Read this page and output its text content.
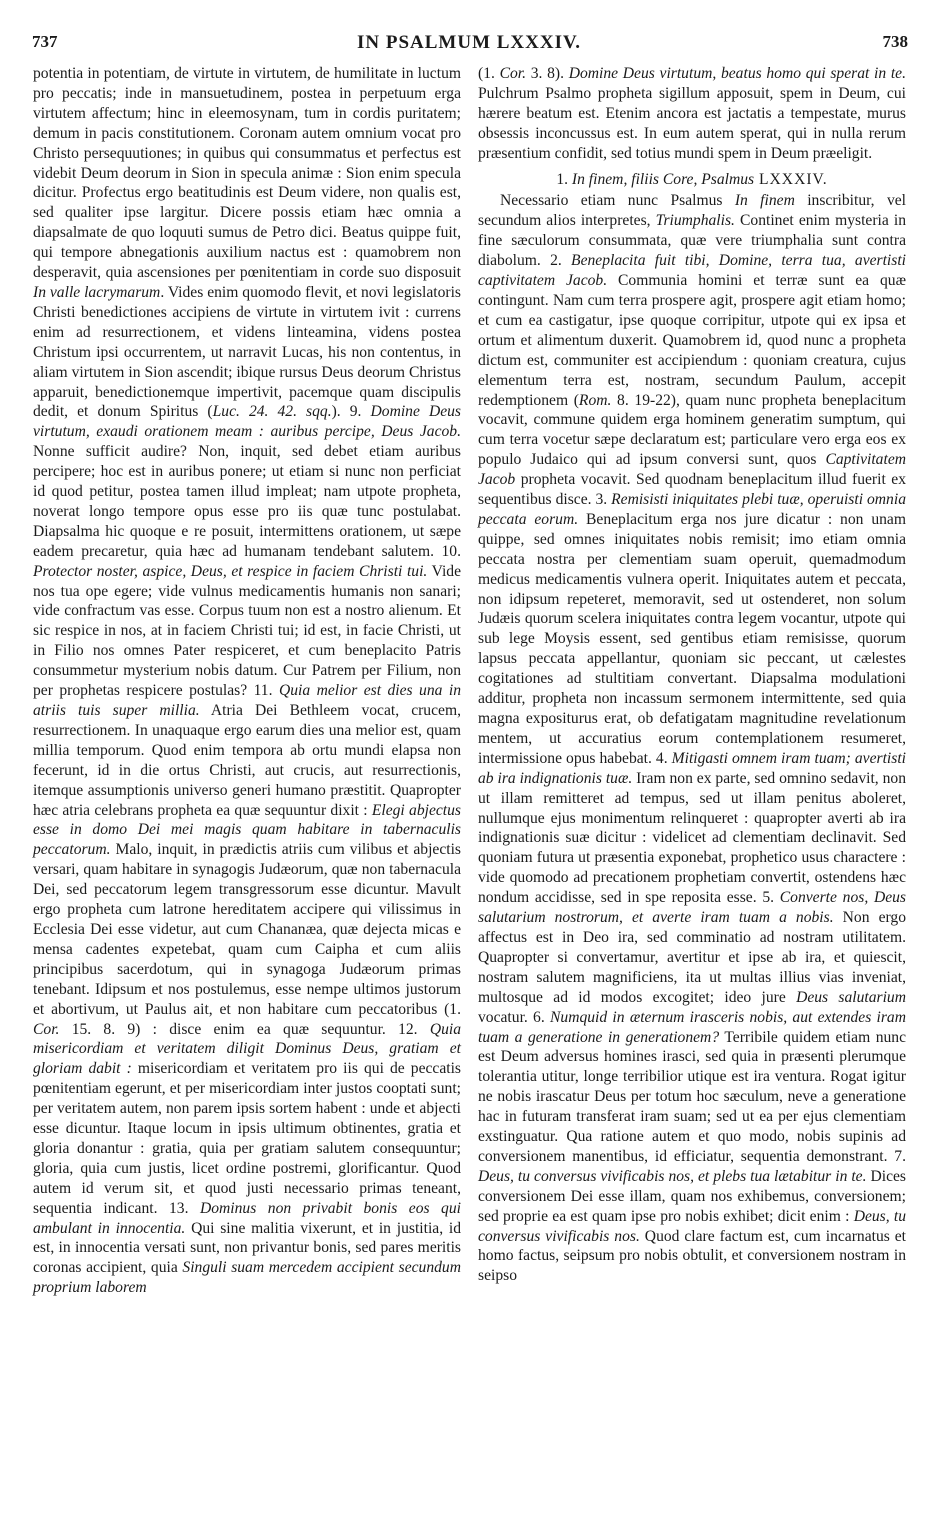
737	IN PSALMUM LXXXIV.	738

potentia in potentiam, de virtute in virtutem, de humilitate in luctum pro peccatis; inde in mansuetudinem, postea in perpetuum erga virtutem affectum; hinc in eleemosynam, tum in cordis puritatem; demum in pacis constitutionem. Coronam autem omnium vocat pro Christo persequutiones; in quibus qui consummatus et perfectus est videbit Deum deorum in Sion in specula animæ : Sion enim specula dicitur. Profectus ergo beatitudinis est Deum videre, non qualis est, sed qualiter ipse largitur. Dicere possis etiam hæc omnia a diapsalmate de quo loquuti sumus de Petro dici. Beatus quippe fuit, qui tempore abnegationis auxilium nactus est : quamobrem non desperavit, quia ascensiones per pœnitentiam in corde suo disposuit In valle lacrymarum. Vides enim quomodo flevit, et novi legislatoris Christi benedictiones accipiens de virtute in virtutem ivit : currens enim ad resurrectionem, et videns linteamina, videns postea Christum ipsi occurrentem, ut narravit Lucas, his non contentus, in aliam virtutem in Sion ascendit; ibique rursus Deus deorum Christus apparuit, benedictionemque impertivit, pacemque quam discipulis dedit, et donum Spiritus (Luc. 24. 42. sqq.). 9. Domine Deus virtutum, exaudi orationem meam : auribus percipe, Deus Jacob. Nonne sufficit audire? Non, inquit, sed debet etiam auribus percipere; hoc est in auribus ponere; ut etiam si nunc non perficiat id quod petitur, postea tamen illud impleat; nam utpote propheta, noverat longo tempore opus esse pro iis quæ tunc postulabat. Diapsalma hic quoque e re posuit, intermittens orationem, ut sæpe eadem precaretur, quia hæc ad humanam tendebant salutem. 10. Protector noster, aspice, Deus, et respice in faciem Christi tui. Vide nos tua ope egere; vide vulnus medicamentis humanis non sanari; vide confractum vas esse. Corpus tuum non est a nostro alienum. Et sic respice in nos, at in faciem Christi tui; id est, in facie Christi, ut in Filio nos omnes Pater respiceret, et cum beneplacito Patris consummetur mysterium nobis datum. Cur Patrem per Filium, non per prophetas respicere postulas? 11. Quia melior est dies una in atriis tuis super millia. Atria Dei Bethleem vocat, crucem, resurrectionem. In unaquaque ergo earum dies una melior est, quam millia temporum. Quod enim tempora ab ortu mundi elapsa non fecerunt, id in die ortus Christi, aut crucis, aut resurrectionis, itemque assumptionis universo generi humano præstitit. Quapropter hæc atria celebrans propheta ea quæ sequuntur dixit : Elegi abjectus esse in domo Dei mei magis quam habitare in tabernaculis peccatorum. Malo, inquit, in prædictis atriis cum vilibus et abjectis versari, quam habitare in synagogis Judæorum, quæ non tabernacula Dei, sed peccatorum legem transgressorum esse dicuntur. Mavult ergo propheta cum latrone hereditatem accipere qui vilissimus in Ecclesia Dei esse videtur, aut cum Chananæa, quæ dejecta micas e mensa cadentes expetebat, quam cum Caipha et cum aliis principibus sacerdotum, qui in synagoga Judæorum primas tenebant. Idipsum et nos postulemus, esse nempe ultimos justorum et abortivum, ut Paulus ait, et non habitare cum peccatoribus (1. Cor. 15. 8. 9) : disce enim ea quæ sequuntur. 12. Quia misericordiam et veritatem diligit Dominus Deus, gratiam et gloriam dabit : misericordiam et veritatem pro iis qui de peccatis pœnitentiam egerunt, et per misericordiam inter justos cooptati sunt; per veritatem autem, non parem ipsis sortem habent : unde et abjecti esse dicuntur. Itaque locum in ipsis ultimum obtinentes, gratia et gloria donantur : gratia, quia per gratiam salutem consequuntur; gloria, quia cum justis, licet ordine postremi, glorificantur. Quod autem id verum sit, et quod justi necessario primas teneant, sequentia indicant. 13. Dominus non privabit bonis eos qui ambulant in innocentia. Qui sine malitia vixerunt, et in justitia, id est, in innocentia versati sunt, non privantur bonis, sed pares meritis coronas accipient, quia Singuli suam mercedem accipient secundum proprium laborem

(1. Cor. 3. 8). Domine Deus virtutum, beatus homo qui sperat in te. Pulchrum Psalmo propheta sigillum apposuit, spem in Deum, cui hærere beatum est. Etenim ancora est jactatis a tempestate, murus obsessis inconcussus est. In eum autem sperat, qui in nulla rerum præsentium confidit, sed totius mundi spem in Deum præeligit.

1. In finem, filiis Core, Psalmus LXXXIV.

Necessario etiam nunc Psalmus In finem inscribitur, vel secundum alios interpretes, Triumphalis. Continet enim mysteria in fine sæculorum consummata, quæ vere triumphalia sunt contra diabolum. 2. Beneplacita fuit tibi, Domine, terra tua, avertisti captivitatem Jacob. Communia homini et terræ sunt ea quæ contingunt. Nam cum terra prospere agit, prospere agit etiam homo; et cum ea castigatur, ipse quoque corripitur, utpote qui ex ipsa et ortum et alimentum duxerit. Quamobrem id, quod nunc a propheta dictum est, communiter est accipiendum : quoniam creatura, cujus elementum terra est, nostram, secundum Paulum, accepit redemptionem (Rom. 8. 19-22), quam nunc propheta beneplacitum vocavit, commune quidem erga hominem generatim sumptum, qui cum terra vocetur sæpe declaratum est; particulare vero erga eos ex populo Judaico qui ad ipsum conversi sunt, quos Captivitatem Jacob propheta vocavit. Sed quodnam beneplacitum illud fuerit ex sequentibus disce. 3. Remisisti iniquitates plebi tuæ, operuisti omnia peccata eorum. Beneplacitum erga nos jure dicatur : non unam quippe, sed omnes iniquitates nobis remisit; imo etiam omnia peccata nostra per clementiam suam operuit, quemadmodum medicus medicamentis vulnera operit. Iniquitates autem et peccata, non idipsum repeteret, memoravit, sed ut ostenderet, non solum Judæis quorum scelera iniquitates contra legem vocantur, utpote qui sub lege Moysis essent, sed gentibus etiam remisisse, quorum lapsus peccata appellantur, quoniam sic peccant, ut cælestes cogitationes ad stultitiam convertant. Diapsalma modulationi additur, propheta non incassum sermonem intermittente, sed quia magna expositurus erat, ob defatigatam magnitudine revelationum mentem, ut accuratius eorum contemplationem resumeret, intermissione opus habebat. 4. Mitigasti omnem iram tuam; avertisti ab ira indignationis tuæ. Iram non ex parte, sed omnino sedavit, non ut illam remitteret ad tempus, sed ut illam penitus aboleret, nullumque ejus monimentum relinqueret : quapropter averti ab ira indignationis suæ dicitur : videlicet ad clementiam declinavit. Sed quoniam futura ut præsentia exponebat, prophetico usus charactere : vide quomodo ad precationem prophetiam convertit, ostendens hæc nondum accidisse, sed in spe reposita esse. 5. Converte nos, Deus salutarium nostrorum, et averte iram tuam a nobis. Non ergo affectus est in Deo ira, sed comminatio ad nostram utilitatem. Quapropter si convertamur, avertitur et ipse ab ira, et quiescit, nostram salutem magnificiens, ita ut multas illius vias inveniat, multosque ad id modos excogitet; ideo jure Deus salutarium vocatur. 6. Numquid in æternum irasceris nobis, aut extendes iram tuam a generatione in generationem? Terribile quidem etiam nunc est Deum adversus homines irasci, sed quia in præsenti plerumque tolerantia utitur, longe terribilior utique est ira ventura. Rogat igitur ne nobis irascatur Deus per totum hoc sæculum, neve a generatione hac in futuram transferat iram suam; sed ut ea per ejus clementiam exstinguatur. Qua ratione autem et quo modo, nobis supinis ad conversionem manentibus, id efficiatur, sequentia demonstrant. 7. Deus, tu conversus vivificabis nos, et plebs tua lætabitur in te. Dices conversionem Dei esse illam, quam nos exhibemus, conversionem; sed proprie ea est quam ipse pro nobis exhibet; dicit enim : Deus, tu conversus vivificabis nos. Quod clare factum est, cum incarnatus et homo factus, seipsum pro nobis obtulit, et conversionem nostram in seipso
